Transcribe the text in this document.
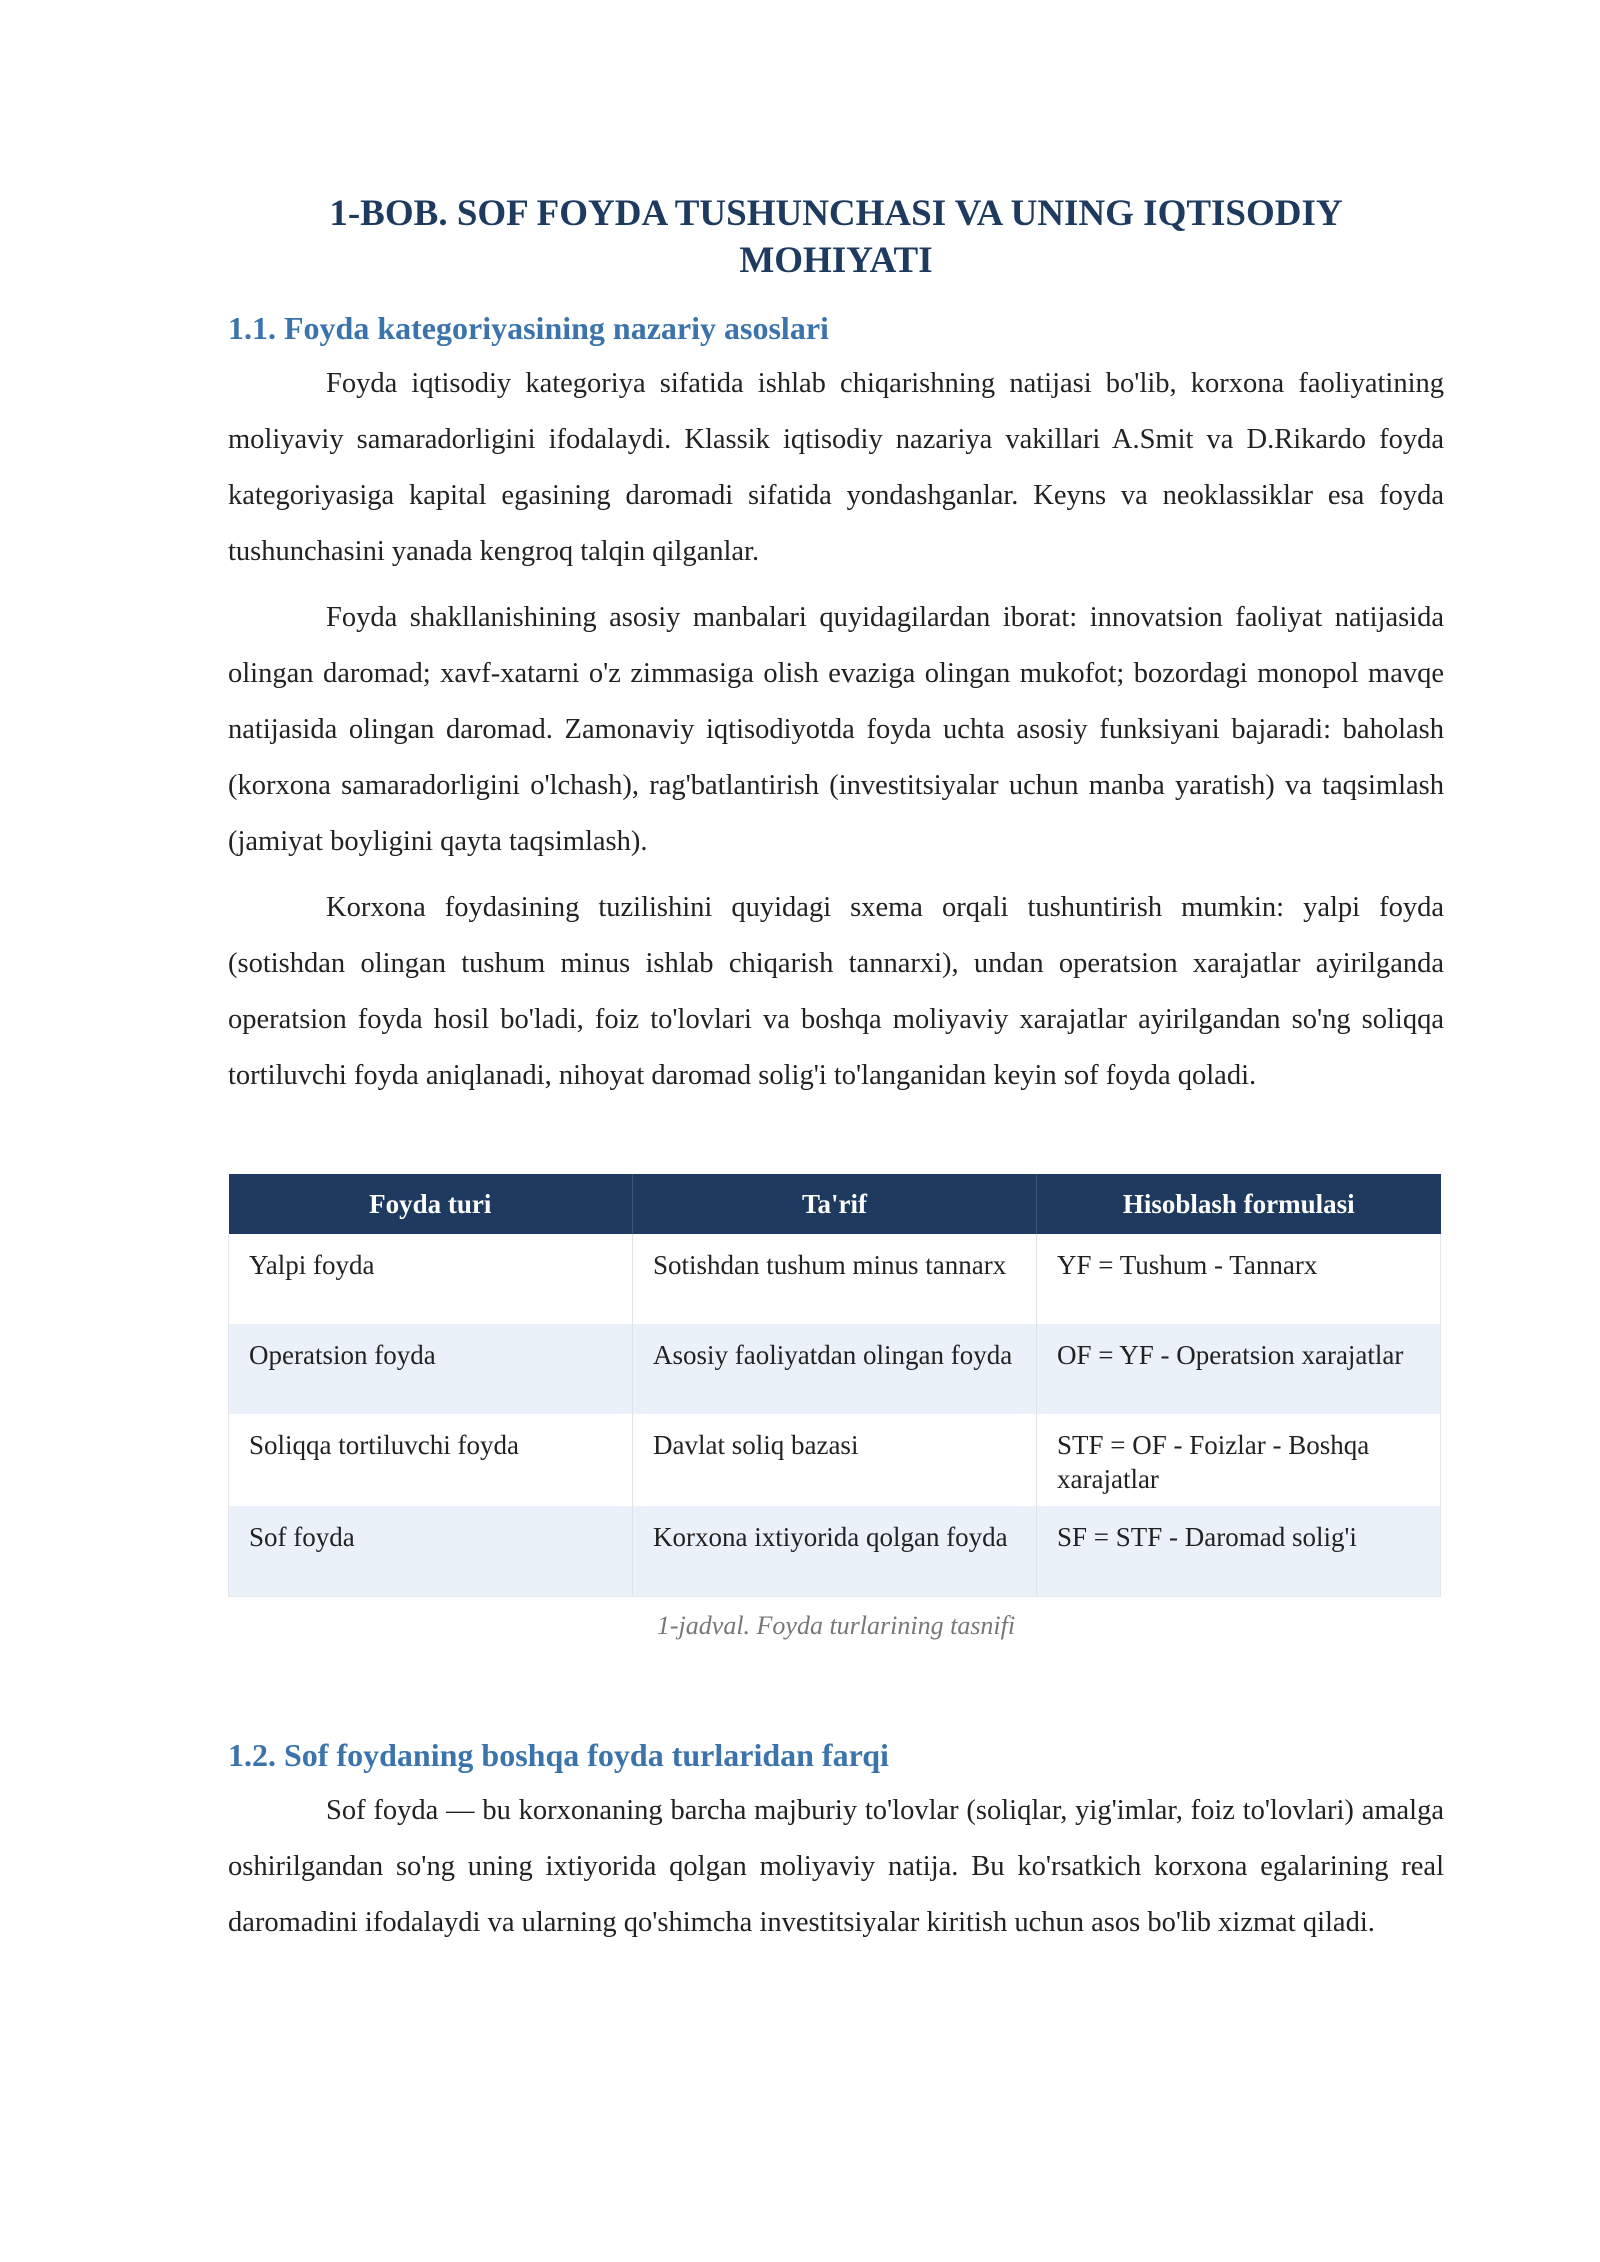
1-BOB. SOF FOYDA TUSHUNCHASI VA UNING IQTISODIY MOHIYATI
1.1. Foyda kategoriyasining nazariy asoslari

Foyda iqtisodiy kategoriya sifatida ishlab chiqarishning natijasi bo'lib, korxona faoliyatining moliyaviy samaradorligini ifodalaydi. Klassik iqtisodiy nazariya vakillari A.Smit va D.Rikardo foyda kategoriyasiga kapital egasining daromadi sifatida yondashganlar. Keyns va neoklassiklar esa foyda tushunchasini yanada kengroq talqin qilganlar.

Foyda shakllanishining asosiy manbalari quyidagilardan iborat: innovatsion faoliyat natijasida olingan daromad; xavf-xatarni o'z zimmasiga olish evaziga olingan mukofot; bozordagi monopol mavqe natijasida olingan daromad. Zamonaviy iqtisodiyotda foyda uchta asosiy funksiyani bajaradi: baholash (korxona samaradorligini o'lchash), rag'batlantirish (investitsiyalar uchun manba yaratish) va taqsimlash (jamiyat boyligini qayta taqsimlash).

Korxona foydasining tuzilishini quyidagi sxema orqali tushuntirish mumkin: yalpi foyda (sotishdan olingan tushum minus ishlab chiqarish tannarxi), undan operatsion xarajatlar ayirilganda operatsion foyda hosil bo'ladi, foiz to'lovlari va boshqa moliyaviy xarajatlar ayirilgandan so'ng soliqqa tortiluvchi foyda aniqlanadi, nihoyat daromad solig'i to'langanidan keyin sof foyda qoladi.

Foyda turi	Ta'rif	Hisoblash formulasi
Yalpi foyda	Sotishdan tushum minus tannarx	YF = Tushum - Tannarx
Operatsion foyda	Asosiy faoliyatdan olingan foyda	OF = YF - Operatsion xarajatlar
Soliqqa tortiluvchi foyda	Davlat soliq bazasi	STF = OF - Foizlar - Boshqa xarajatlar
Sof foyda	Korxona ixtiyorida qolgan foyda	SF = STF - Daromad solig'i
1-jadval. Foyda turlarining tasnifi
1.2. Sof foydaning boshqa foyda turlaridan farqi

Sof foyda — bu korxonaning barcha majburiy to'lovlar (soliqlar, yig'imlar, foiz to'lovlari) amalga oshirilgandan so'ng uning ixtiyorida qolgan moliyaviy natija. Bu ko'rsatkich korxona egalarining real daromadini ifodalaydi va ularning qo'shimcha investitsiyalar kiritish uchun asos bo'lib xizmat qiladi.
